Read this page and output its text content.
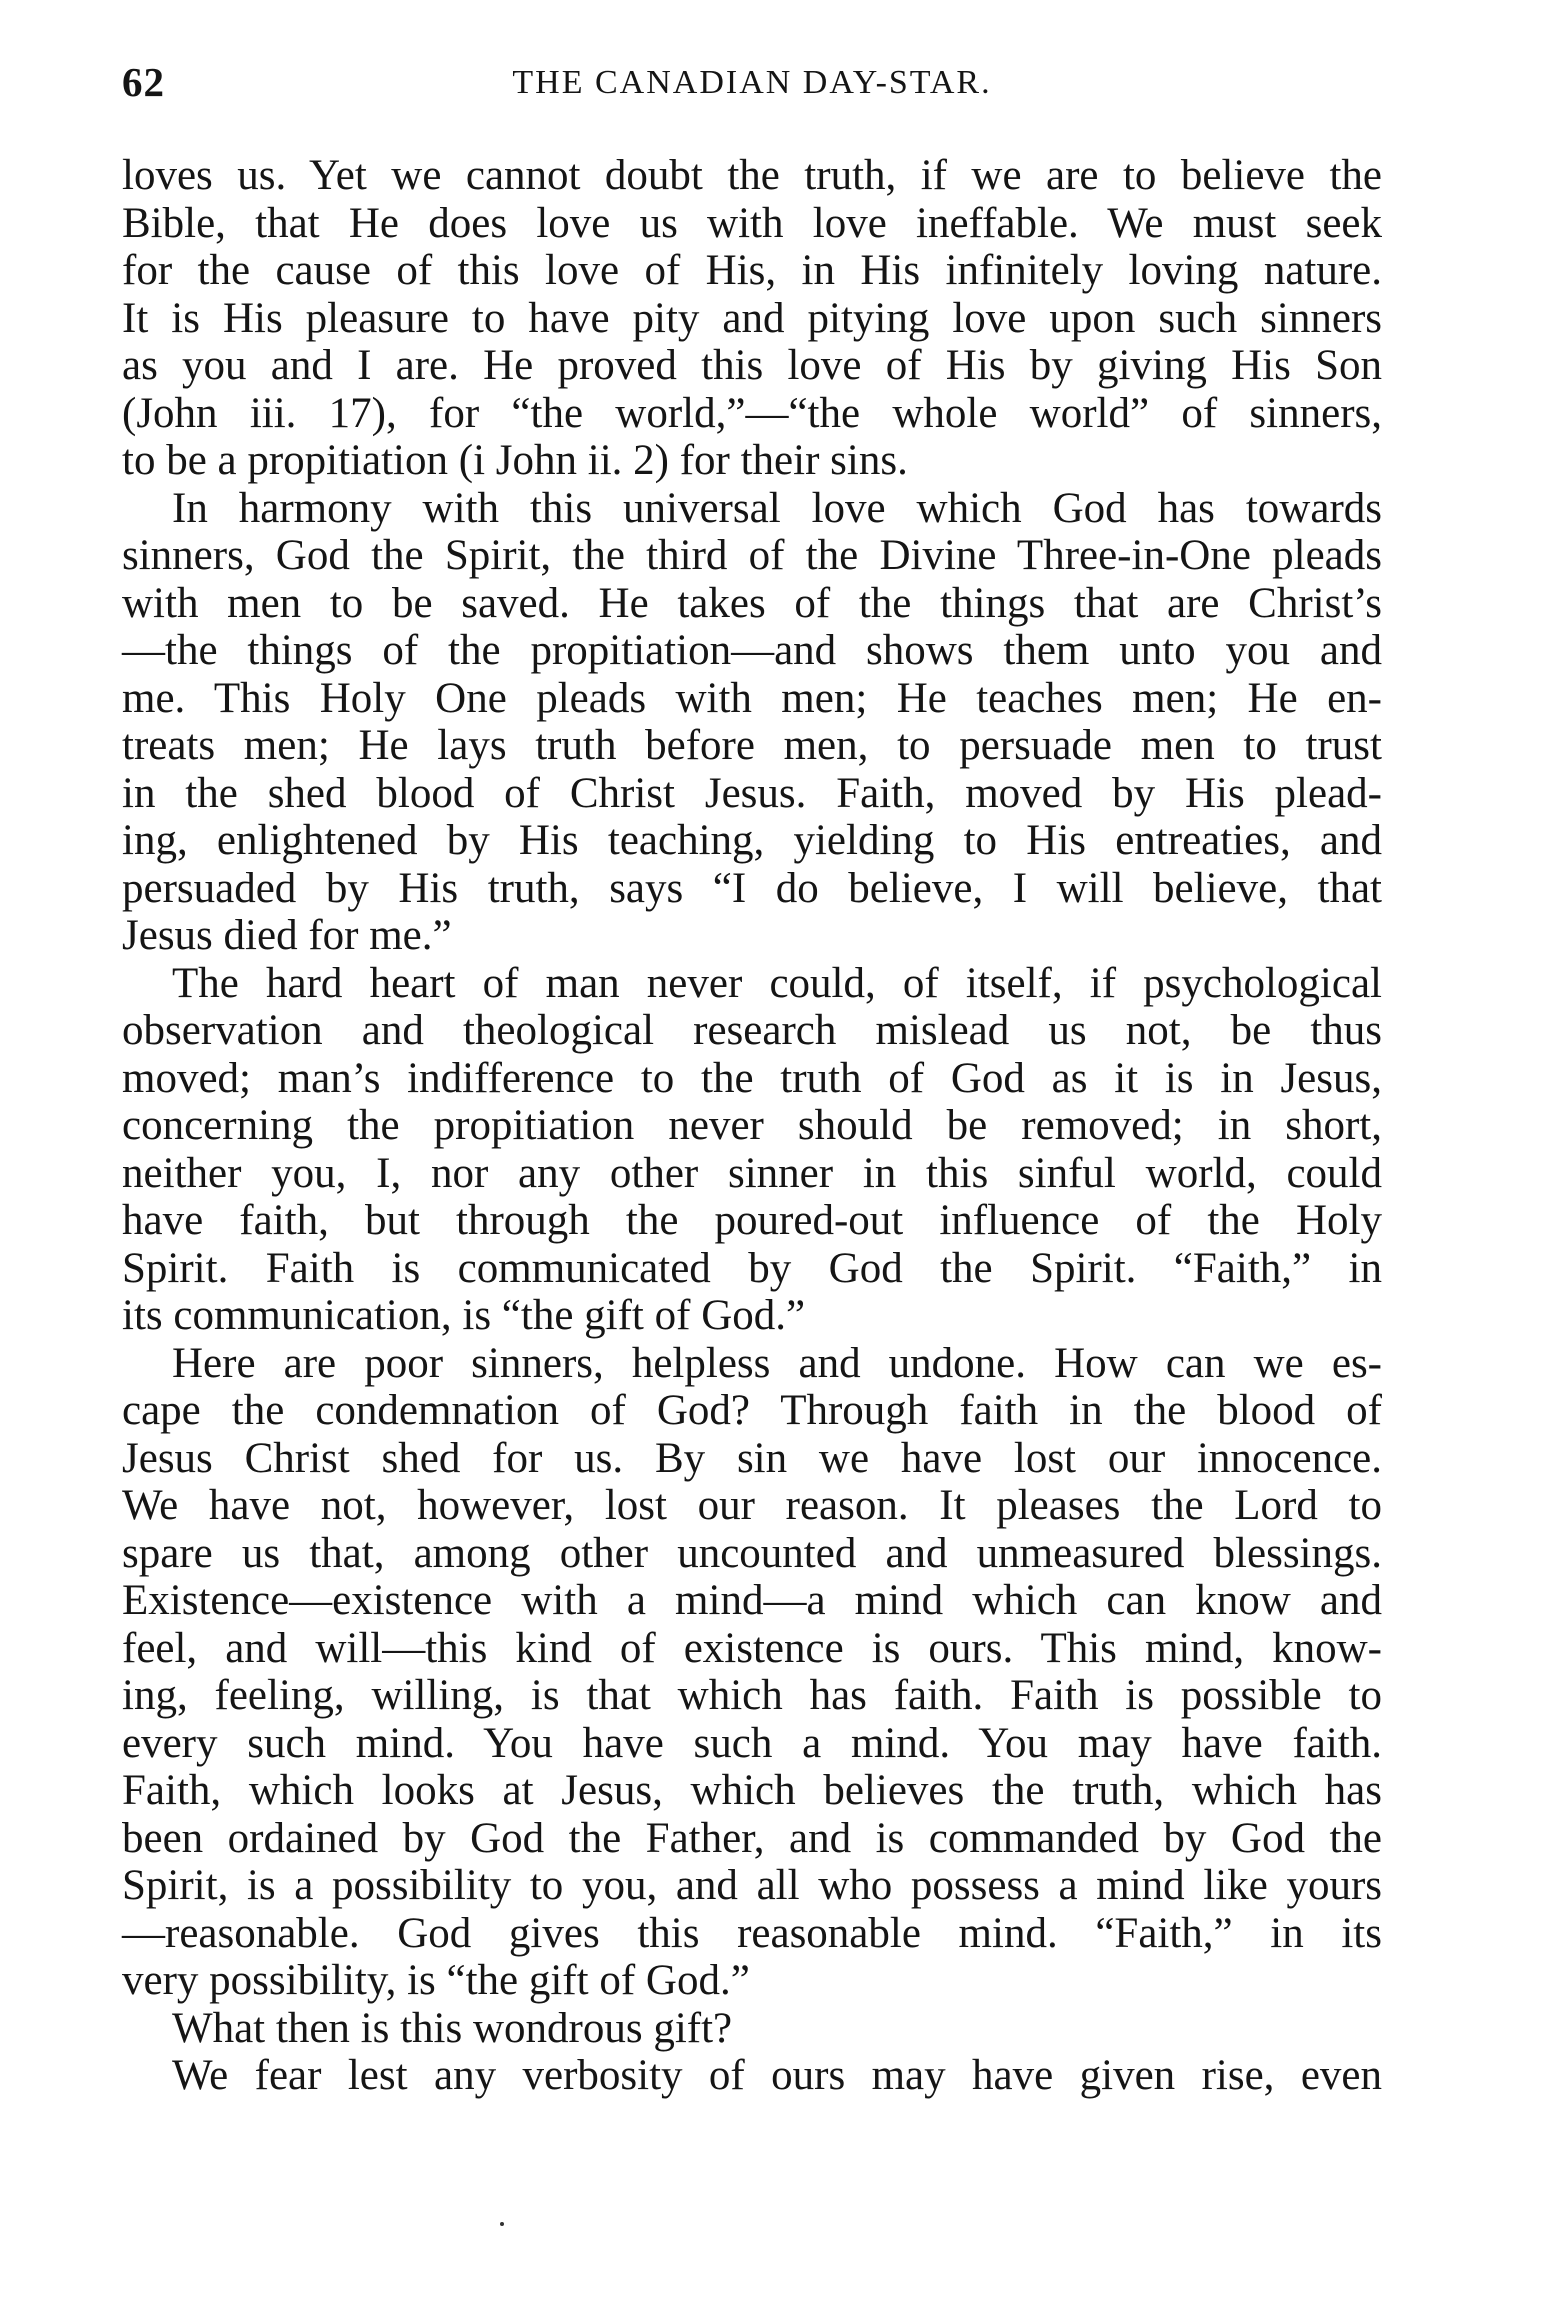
62	THE CANADIAN DAY-STAR.
loves us. Yet we cannot doubt the truth, if we are to believe the
Bible, that He does love us with love ineffable. We must seek
for the cause of this love of His, in His infinitely loving nature.
It is His pleasure to have pity and pitying love upon such sinners
as you and I are. He proved this love of His by giving His Son
(John iii. 17), for “the world,”—“the whole world” of sinners,
to be a propitiation (i John ii. 2) for their sins.
In harmony with this universal love which God has towards
sinners, God the Spirit, the third of the Divine Three-in-One pleads
with men to be saved. He takes of the things that are Christ’s
—the things of the propitiation—and shows them unto you and
me. This Holy One pleads with men; He teaches men; He en-
treats men; He lays truth before men, to persuade men to trust
in the shed blood of Christ Jesus. Faith, moved by His plead-
ing, enlightened by His teaching, yielding to His entreaties, and
persuaded by His truth, says “I do believe, I will believe, that
Jesus died for me.”
The hard heart of man never could, of itself, if psychological
observation and theological research mislead us not, be thus
moved; man’s indifference to the truth of God as it is in Jesus,
concerning the propitiation never should be removed; in short,
neither you, I, nor any other sinner in this sinful world, could
have faith, but through the poured-out influence of the Holy
Spirit. Faith is communicated by God the Spirit. “Faith,” in
its communication, is “the gift of God.”
Here are poor sinners, helpless and undone. How can we es-
cape the condemnation of God? Through faith in the blood of
Jesus Christ shed for us. By sin we have lost our innocence.
We have not, however, lost our reason. It pleases the Lord to
spare us that, among other uncounted and unmeasured blessings.
Existence—existence with a mind—a mind which can know and
feel, and will—this kind of existence is ours. This mind, know-
ing, feeling, willing, is that which has faith. Faith is possible to
every such mind. You have such a mind. You may have faith.
Faith, which looks at Jesus, which believes the truth, which has
been ordained by God the Father, and is commanded by God the
Spirit, is a possibility to you, and all who possess a mind like yours
—reasonable. God gives this reasonable mind. “Faith,” in its
very possibility, is “the gift of God.”
What then is this wondrous gift?
We fear lest any verbosity of ours may have given rise, even
